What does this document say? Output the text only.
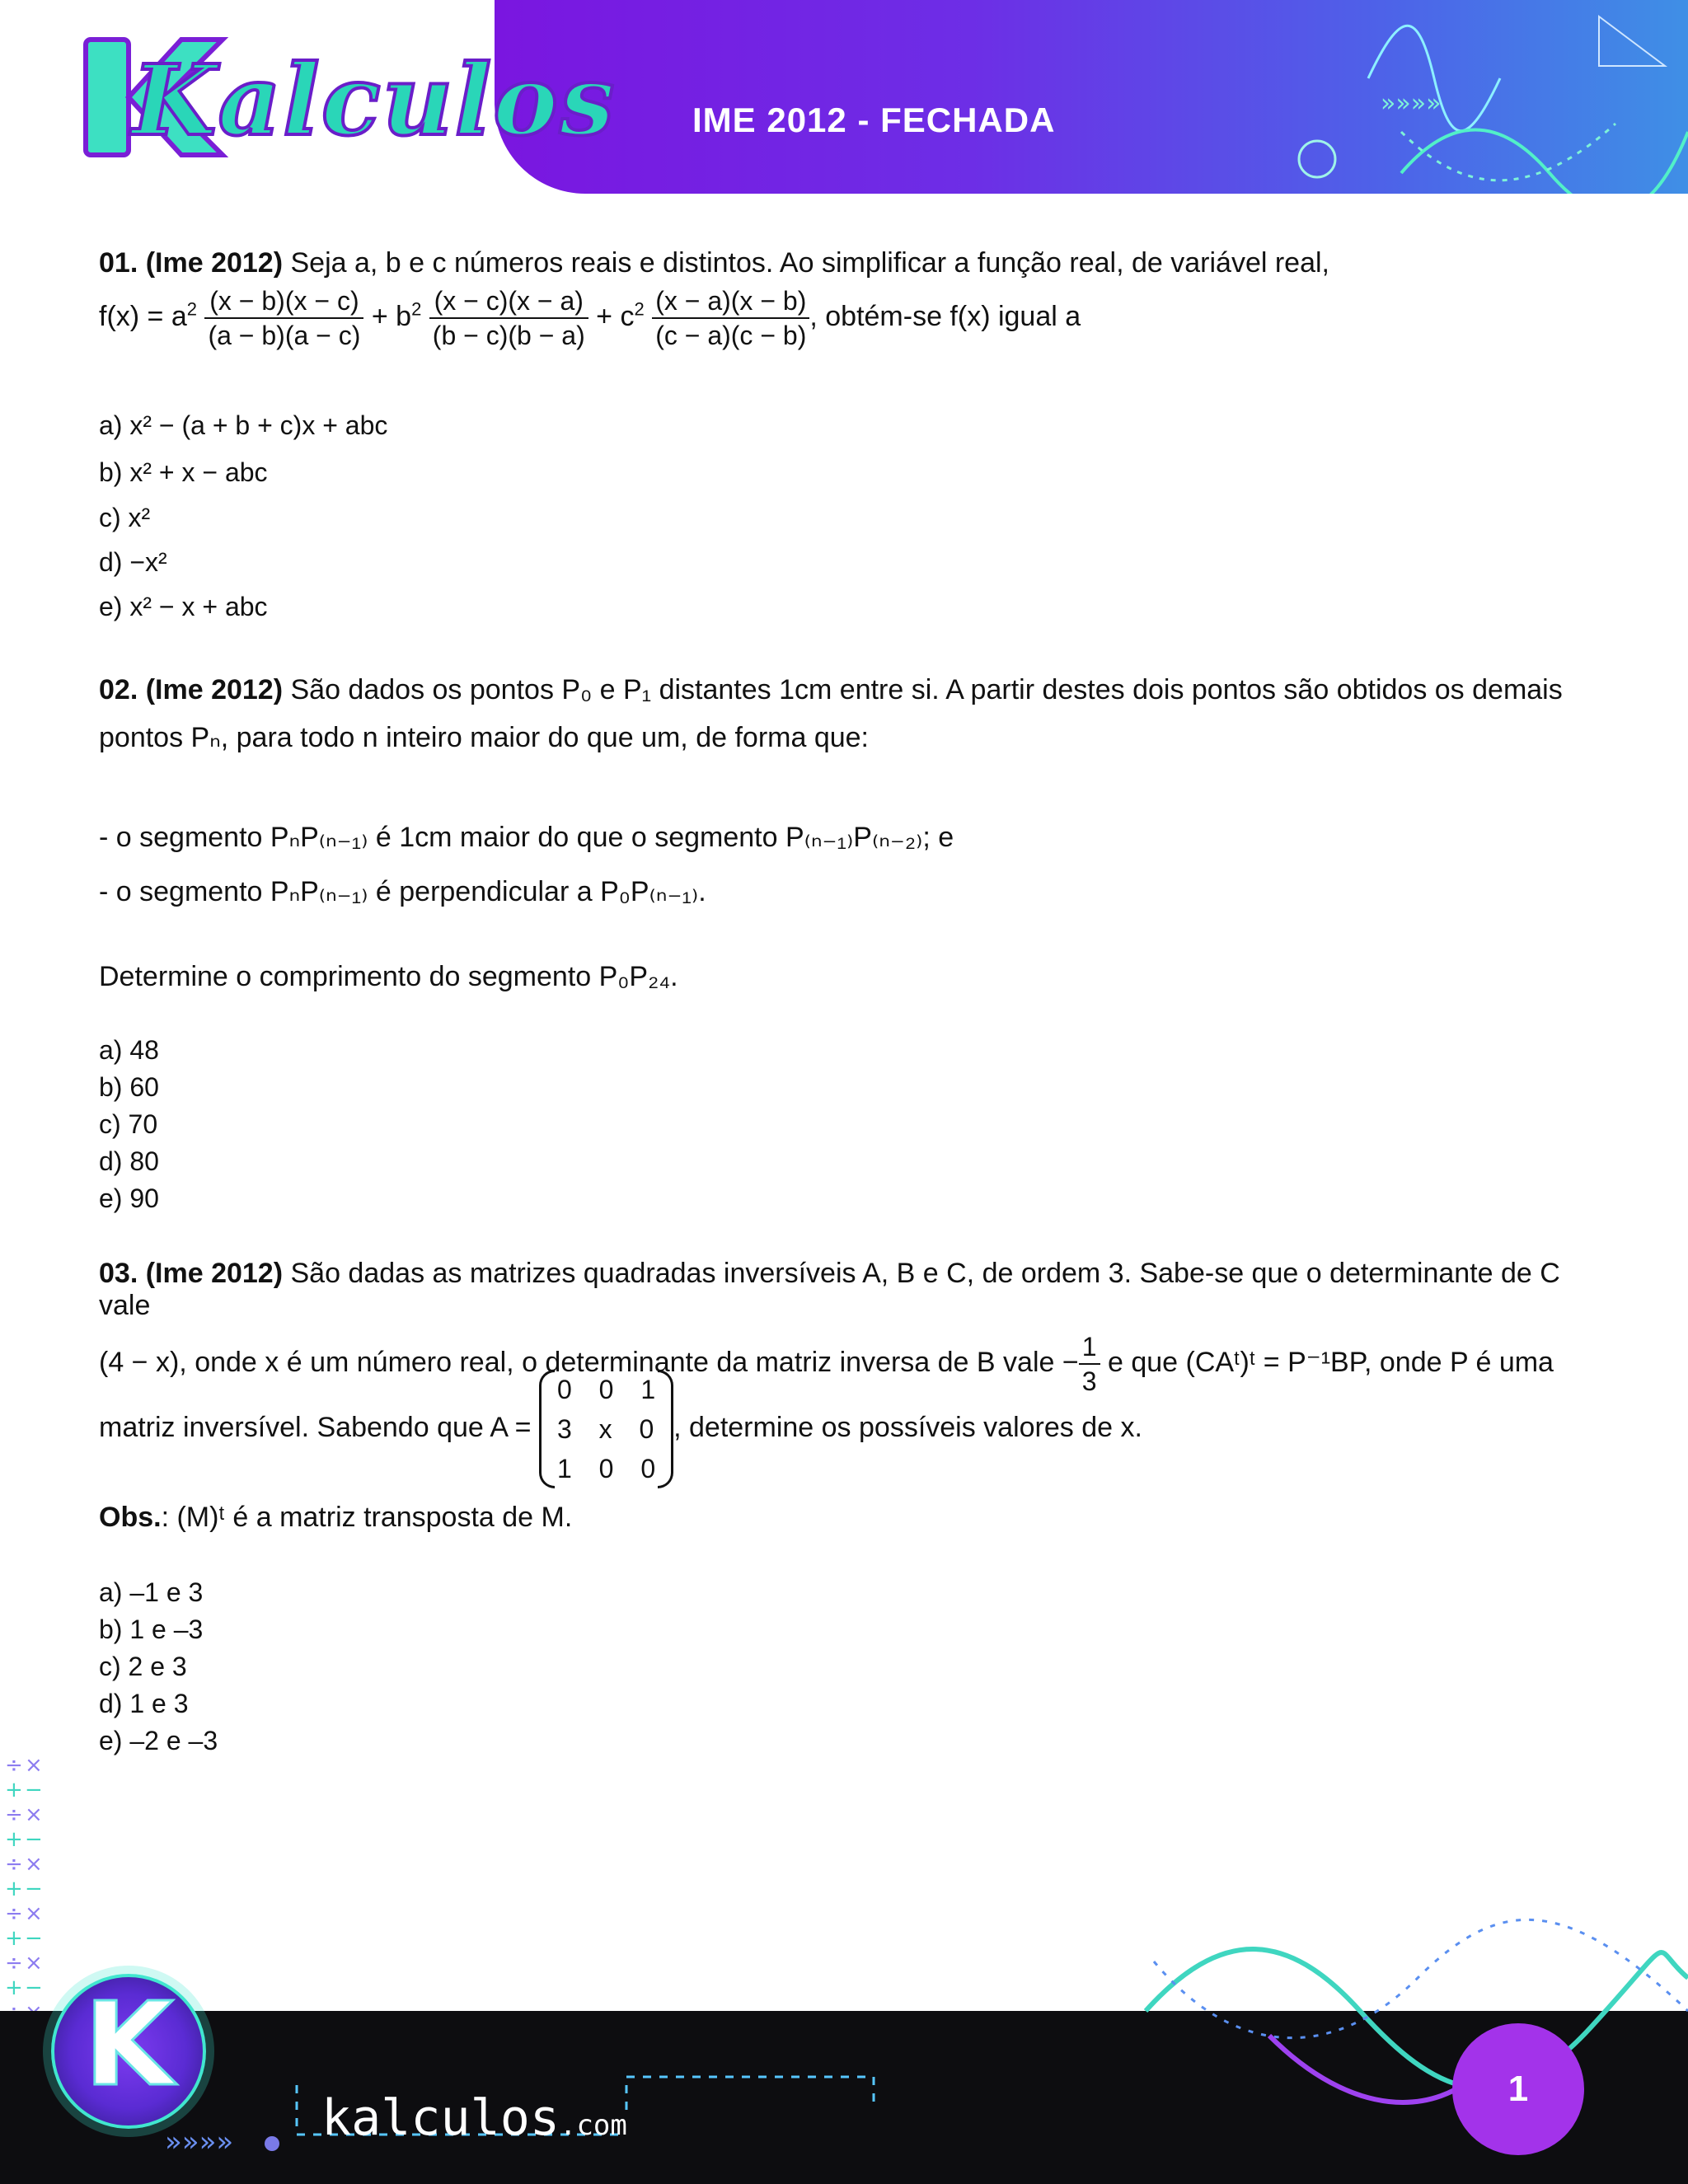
»»»»
Kalculos IME 2012 - FECHADA
01. (Ime 2012) Seja a, b e c números reais e distintos. Ao simplificar a função real, de variável real,
$f(x) = a^2 \frac{(x - b)(x - c)}{(a - b)(a - c)} + b^2 \frac{(x - c)(x - a)}{(b - c)(b - a)} + c^2 \frac{(x - a)(x - b)}{(c - a)(c - b)}$ , obtém-se f(x) igual a
a) x² − (a + b + c)x + abc
b) x² + x − abc
c) x²
d) −x²
e) x² − x + abc
02. (Ime 2012) São dados os pontos P₀ e P₁ distantes 1cm entre si. A partir destes dois pontos são obtidos os demais
pontos Pₙ, para todo n inteiro maior do que um, de forma que:
- o segmento PₙP₍ₙ₋₁₎ é 1cm maior do que o segmento P₍ₙ₋₁₎P₍ₙ₋₂₎; e
- o segmento PₙP₍ₙ₋₁₎ é perpendicular a P₀P₍ₙ₋₁₎.
Determine o comprimento do segmento P₀P₂₄.
a) 48
b) 60
c) 70
d) 80
e) 90
03. (Ime 2012) São dadas as matrizes quadradas inversíveis A, B e C, de ordem 3. Sabe-se que o determinante de C vale
(4 − x), onde x é um número real, o determinante da matriz inversa de B vale − $\frac{1}{3}$ e que (CAᵗ)ᵗ = P⁻¹BP, onde P é uma
matriz inversível. Sabendo que A =
0 0 1
3 x 0
1 0 0
, determine os possíveis valores de x.
Obs.: (M)ᵗ é a matriz transposta de M.
a) –1 e 3
b) 1 e –3
c) 2 e 3
d) 1 e 3
e) –2 e –3
÷ ×
÷ ×
÷ ×
÷ ×
÷ ×
+ −
+ −
+ −
+ −
+ −
»»»»
K
kalculos.com
1
